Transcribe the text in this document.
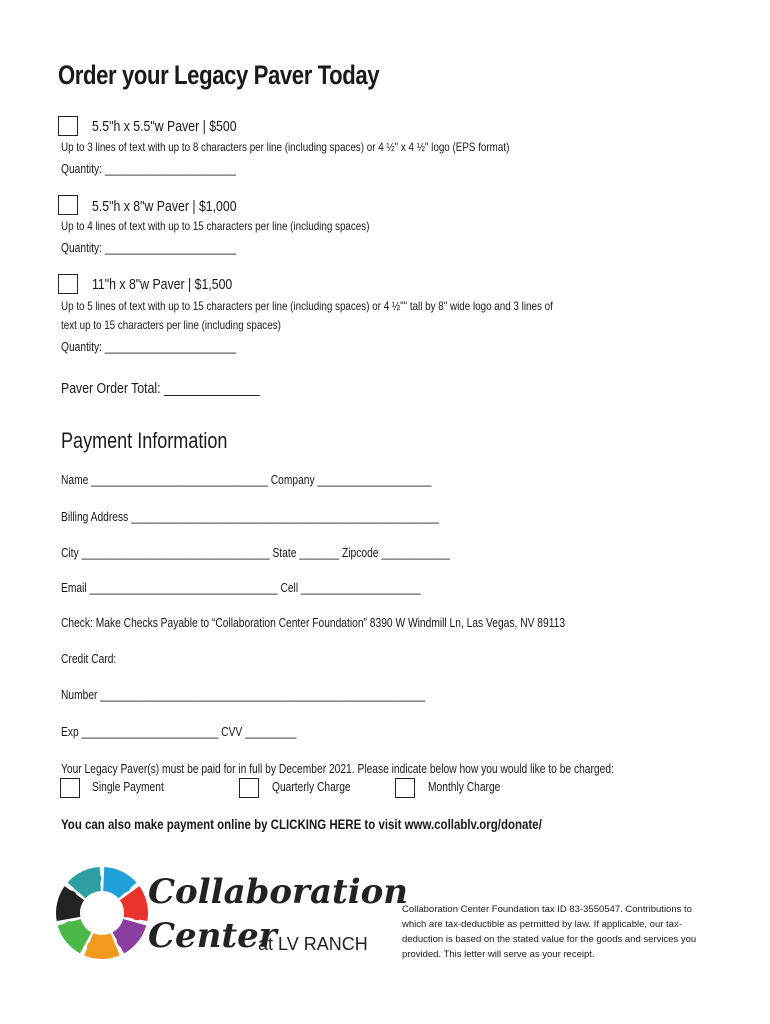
Order your Legacy Paver Today
5.5"h x 5.5"w Paver | $500
Up to 3 lines of text with up to 8 characters per line (including spaces) or 4 ½" x 4 ½" logo (EPS format)
Quantity: _______________________
5.5"h x 8"w Paver | $1,000
Up to 4 lines of text with up to 15 characters per line (including spaces)
Quantity: _______________________
11"h x 8"w Paver | $1,500
Up to 5 lines of text with up to 15 characters per line (including spaces) or 4 ½"" tall by 8" wide logo and 3 lines of
text up to 15 characters per line (including spaces)
Quantity: _______________________
Paver Order Total: ______________
Payment Information
Name _______________________________ Company ____________________
Billing Address ______________________________________________________
City _________________________________ State _______ Zipcode ____________
Email _________________________________ Cell _____________________
Check: Make Checks Payable to “Collaboration Center Foundation” 8390 W Windmill Ln, Las Vegas, NV 89113
Credit Card:
Number _________________________________________________________
Exp ________________________ CVV _________
Your Legacy Paver(s) must be paid for in full by December 2021. Please indicate below how you would like to be charged:
Single Payment	Quarterly Charge	Monthly Charge
You can also make payment online by CLICKING HERE to visit www.collablv.org/donate/
Collaboration
Center
at LV RANCH
Collaboration Center Foundation tax ID 83-3550547. Contributions to which are tax-deductible as permitted by law. If applicable, our tax-deduction is based on the stated value for the goods and services you provided. This letter will serve as your receipt.
